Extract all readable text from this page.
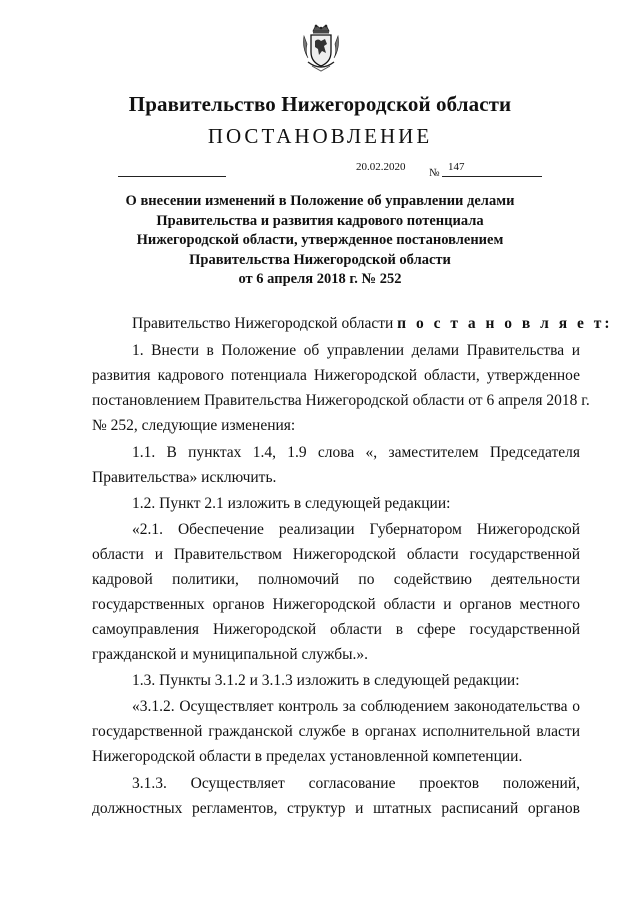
Правительство Нижегородской области
ПОСТАНОВЛЕНИЕ
20.02.2020 № 147
О внесении изменений в Положение об управлении делами
Правительства и развития кадрового потенциала
Нижегородской области, утвержденное постановлением
Правительства Нижегородской области
от 6 апреля 2018 г. № 252
Правительство Нижегородской области п о с т а н о в л я е т:
1. Внести в Положение об управлении делами Правительства и
развития кадрового потенциала Нижегородской области, утвержденное
постановлением Правительства Нижегородской области от 6 апреля 2018 г.
№ 252, следующие изменения:
1.1. В пунктах 1.4, 1.9 слова «, заместителем Председателя
Правительства» исключить.
1.2. Пункт 2.1 изложить в следующей редакции:
«2.1. Обеспечение реализации Губернатором Нижегородской
области и Правительством Нижегородской области государственной
кадровой политики, полномочий по содействию деятельности
государственных органов Нижегородской области и органов местного
самоуправления Нижегородской области в сфере государственной
гражданской и муниципальной службы.».
1.3. Пункты 3.1.2 и 3.1.3 изложить в следующей редакции:
«3.1.2. Осуществляет контроль за соблюдением законодательства о
государственной гражданской службе в органах исполнительной власти
Нижегородской области в пределах установленной компетенции.
3.1.3. Осуществляет согласование проектов положений,
должностных регламентов, структур и штатных расписаний органов
